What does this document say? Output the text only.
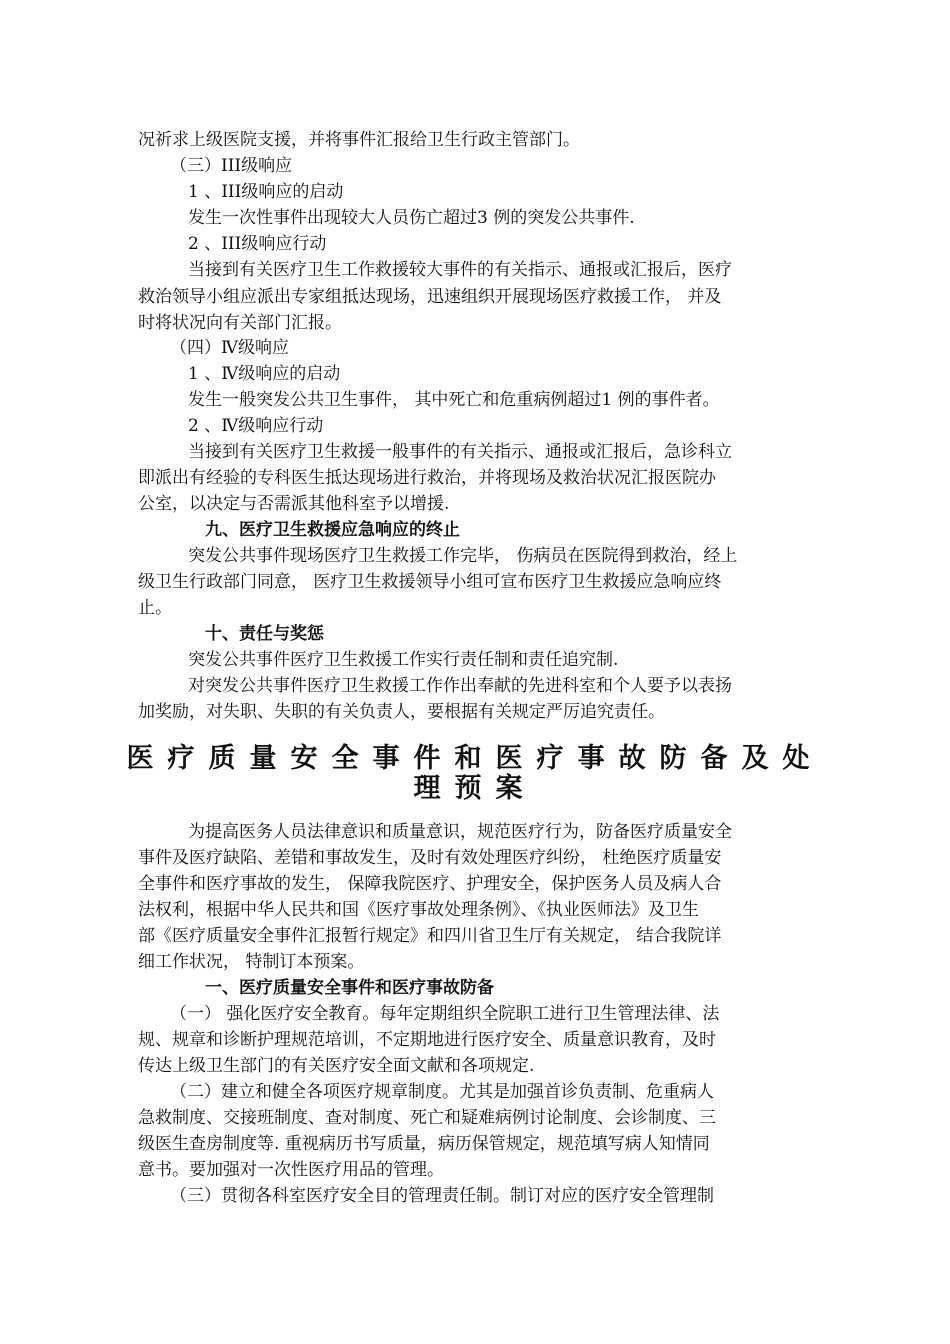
况祈求上级医院支援，并将事件汇报给卫生行政主管部门。
（三）III级响应
1 、III级响应的启动
发生一次性事件出现较大人员伤亡超过3 例的突发公共事件.
2 、III级响应行动
当接到有关医疗卫生工作救援较大事件的有关指示、通报或汇报后，医疗
救治领导小组应派出专家组抵达现场，迅速组织开展现场医疗救援工作， 并及
时将状况向有关部门汇报。
（四）Ⅳ级响应
1 、Ⅳ级响应的启动
发生一般突发公共卫生事件， 其中死亡和危重病例超过1 例的事件者。
2 、Ⅳ级响应行动
当接到有关医疗卫生救援一般事件的有关指示、通报或汇报后，急诊科立
即派出有经验的专科医生抵达现场进行救治，并将现场及救治状况汇报医院办
公室，以决定与否需派其他科室予以增援.
九、医疗卫生救援应急响应的终止
突发公共事件现场医疗卫生救援工作完毕， 伤病员在医院得到救治，经上
级卫生行政部门同意， 医疗卫生救援领导小组可宣布医疗卫生救援应急响应终
止。
十、责任与奖惩
突发公共事件医疗卫生救援工作实行责任制和责任追究制.
对突发公共事件医疗卫生救援工作作出奉献的先进科室和个人要予以表扬
加奖励，对失职、失职的有关负责人，要根据有关规定严厉追究责任。
医疗质量安全事件和医疗事故防备及处
理预案
为提高医务人员法律意识和质量意识，规范医疗行为，防备医疗质量安全
事件及医疗缺陷、差错和事故发生，及时有效处理医疗纠纷， 杜绝医疗质量安
全事件和医疗事故的发生， 保障我院医疗、护理安全，保护医务人员及病人合
法权利，根据中华人民共和国《医疗事故处理条例》、《执业医师法》及卫生
部《医疗质量安全事件汇报暂行规定》和四川省卫生厅有关规定， 结合我院详
细工作状况， 特制订本预案。
一、医疗质量安全事件和医疗事故防备
（一） 强化医疗安全教育。每年定期组织全院职工进行卫生管理法律、法
规、规章和诊断护理规范培训，不定期地进行医疗安全、质量意识教育，及时
传达上级卫生部门的有关医疗安全面文献和各项规定.
（二）建立和健全各项医疗规章制度。尤其是加强首诊负责制、危重病人
急救制度、交接班制度、查对制度、死亡和疑难病例讨论制度、会诊制度、三
级医生查房制度等. 重视病历书写质量，病历保管规定，规范填写病人知情同
意书。要加强对一次性医疗用品的管理。
（三）贯彻各科室医疗安全目的管理责任制。制订对应的医疗安全管理制
